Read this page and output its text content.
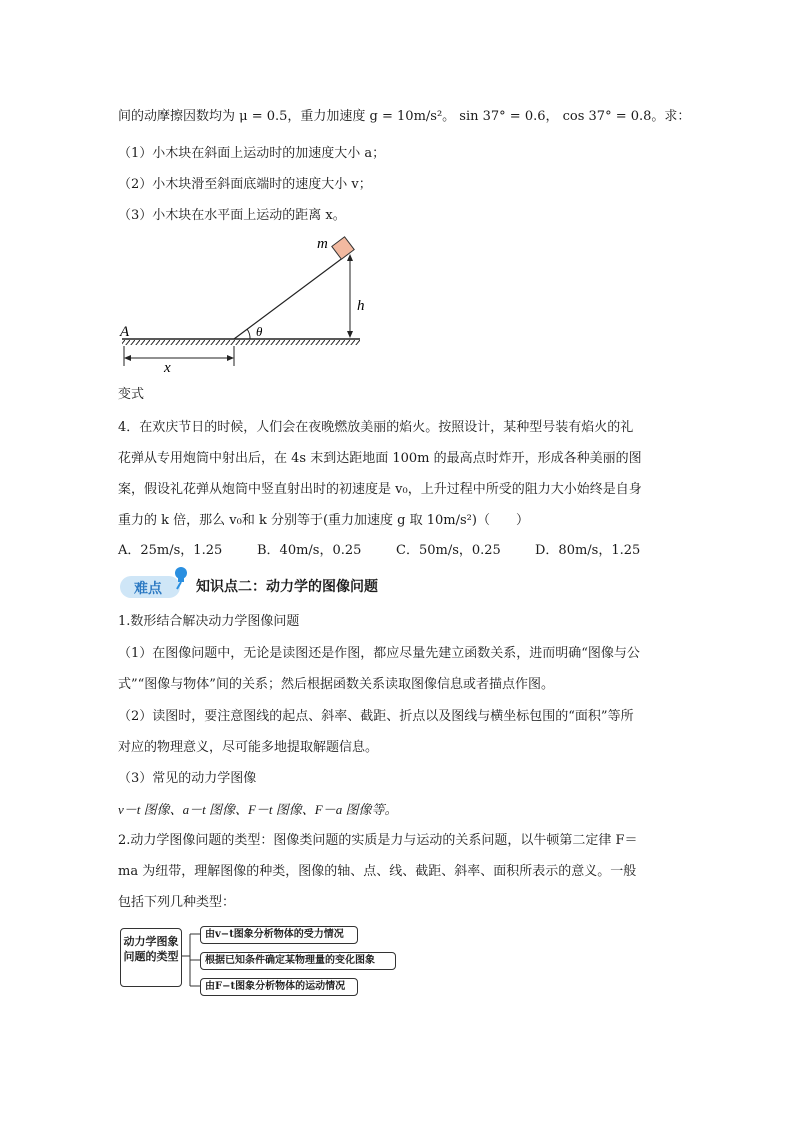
间的动摩擦因数均为 μ = 0.5，重力加速度 g = 10m/s²。 sin 37° = 0.6， cos 37° = 0.8。求：
（1）小木块在斜面上运动时的加速度大小 a；
（2）小木块滑至斜面底端时的速度大小 v；
（3）小木块在水平面上运动的距离 x。
m
h
θ
A
x
变式
4．在欢庆节日的时候，人们会在夜晚燃放美丽的焰火。按照设计，某种型号装有焰火的礼
花弹从专用炮筒中射出后，在 4s 末到达距地面 100m 的最高点时炸开，形成各种美丽的图
案，假设礼花弹从炮筒中竖直射出时的初速度是 v₀，上升过程中所受的阻力大小始终是自身
重力的 k 倍，那么 v₀和 k 分别等于(重力加速度 g 取 10m/s²)（　　）
A．25m/s，1.25	B．40m/s，0.25	C．50m/s，0.25	D．80m/s，1.25
难点 知识点二：动力学的图像问题
1.数形结合解决动力学图像问题
（1）在图像问题中，无论是读图还是作图，都应尽量先建立函数关系，进而明确“图像与公
式”“图像与物体”间的关系；然后根据函数关系读取图像信息或者描点作图。
（2）读图时，要注意图线的起点、斜率、截距、折点以及图线与横坐标包围的“面积”等所
对应的物理意义，尽可能多地提取解题信息。
（3）常见的动力学图像
v－t 图像、a－t 图像、F－t 图像、F－a 图像等。
2.动力学图像问题的类型：图像类问题的实质是力与运动的关系问题，以牛顿第二定律 F＝
ma 为纽带，理解图像的种类，图像的轴、点、线、截距、斜率、面积所表示的意义。一般
包括下列几种类型：
动力学图象
问题的类型
由v−t图象分析物体的受力情况
根据已知条件确定某物理量的变化图象
由F−t图象分析物体的运动情况
